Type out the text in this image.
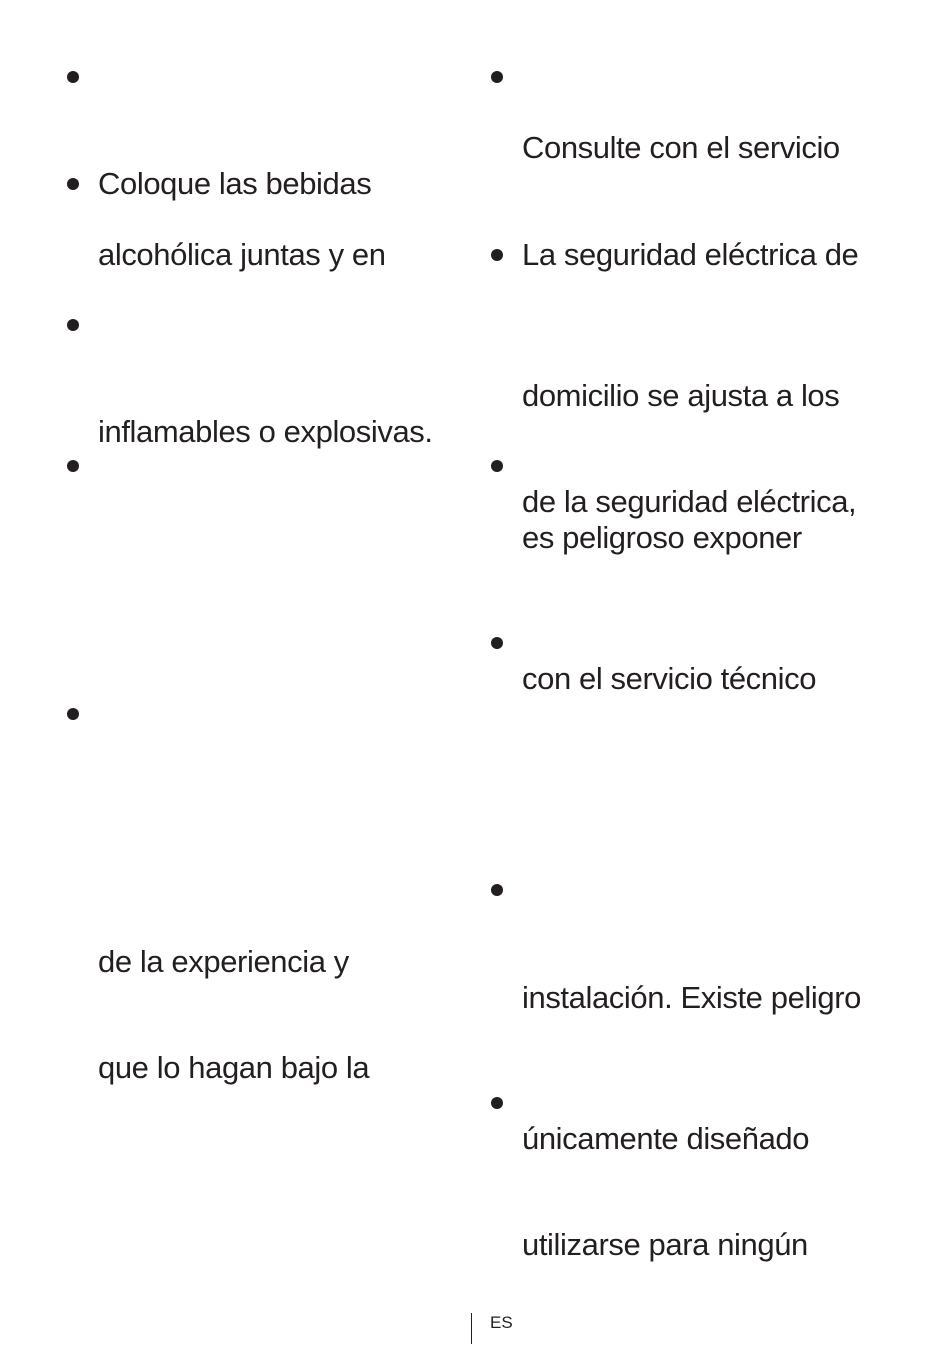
Coloque las bebidas
alcohólica juntas y en
inflamables o explosivas.
de la experiencia y
que lo hagan bajo la
Consulte con el servicio
La seguridad eléctrica de
domicilio se ajusta a los
de la seguridad eléctrica,
es peligroso exponer
con el servicio técnico
instalación. Existe peligro
únicamente diseñado
utilizarse para ningún
ES
